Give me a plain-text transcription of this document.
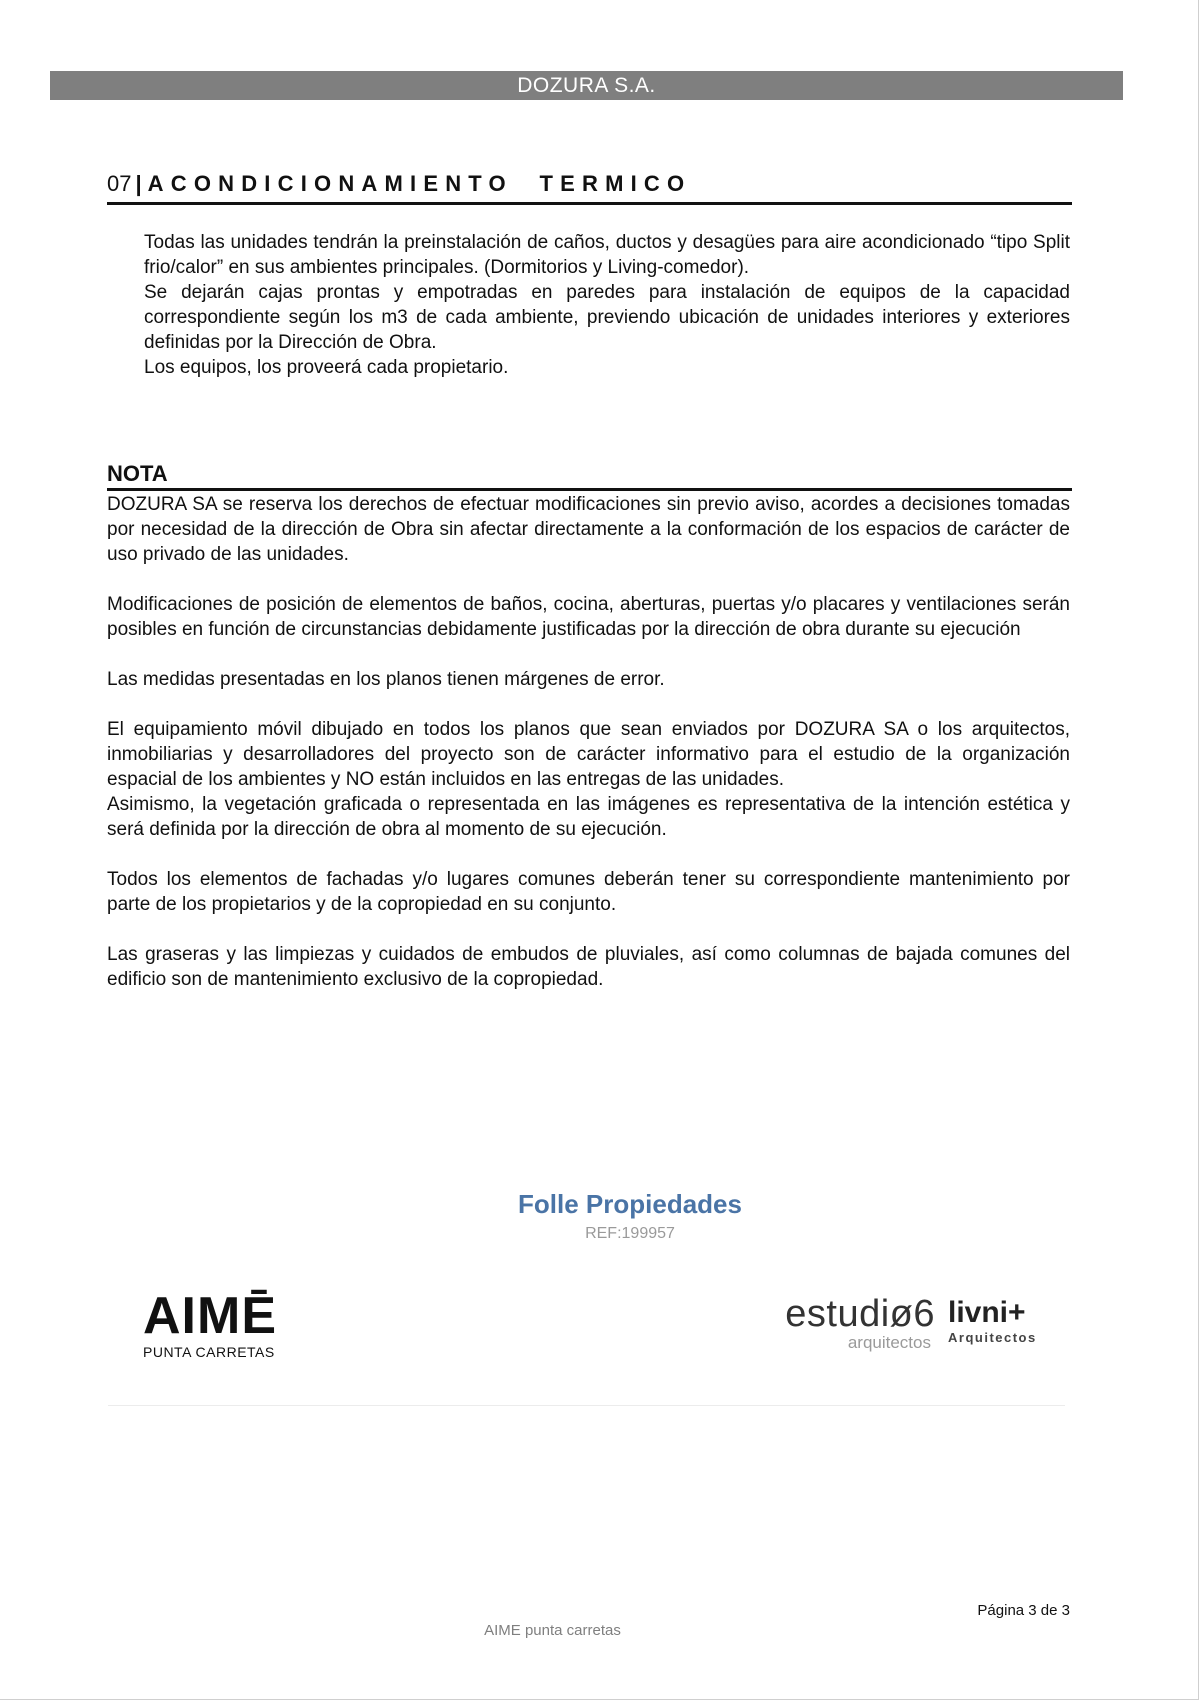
DOZURA S.A.
07 | ACONDICIONAMIENTO  TERMICO

Todas las unidades tendrán la preinstalación de caños, ductos y desagües para aire acondicionado “tipo Split frio/calor” en sus ambientes principales. (Dormitorios y Living-comedor).

Se dejarán cajas prontas y empotradas en paredes para instalación de equipos de la capacidad correspondiente según los m3 de cada ambiente, previendo ubicación de unidades interiores y exteriores definidas por la Dirección de Obra.

Los equipos, los proveerá cada propietario.

NOTA

DOZURA SA se reserva los derechos de efectuar modificaciones sin previo aviso, acordes a decisiones tomadas por necesidad de la dirección de Obra sin afectar directamente a la conformación de los espacios de carácter de uso privado de las unidades.

Modificaciones de posición de elementos de baños, cocina, aberturas, puertas y/o placares y ventilaciones serán posibles en función de circunstancias debidamente justificadas por la dirección de obra durante su ejecución

Las medidas presentadas en los planos tienen márgenes de error.

El equipamiento móvil dibujado en todos los planos que sean enviados por DOZURA SA o los arquitectos, inmobiliarias y desarrolladores del proyecto son de carácter informativo para el estudio de la organización espacial de los ambientes y NO están incluidos en las entregas de las unidades.

Asimismo, la vegetación graficada o representada en las imágenes es representativa de la intención estética y será definida por la dirección de obra al momento de su ejecución.

Todos los elementos de fachadas y/o lugares comunes deberán tener su correspondiente mantenimiento por parte de los propietarios y de la copropiedad en su conjunto.

Las graseras y las limpiezas y cuidados de embudos de pluviales, así como columnas de bajada comunes del edificio son de mantenimiento exclusivo de la copropiedad.

Folle Propiedades
REF:199957
AIMĒ
PUNTA CARRETAS
estudiø6
arquitectos
livni+
Arquitectos
Página 3 de 3
AIME punta carretas
